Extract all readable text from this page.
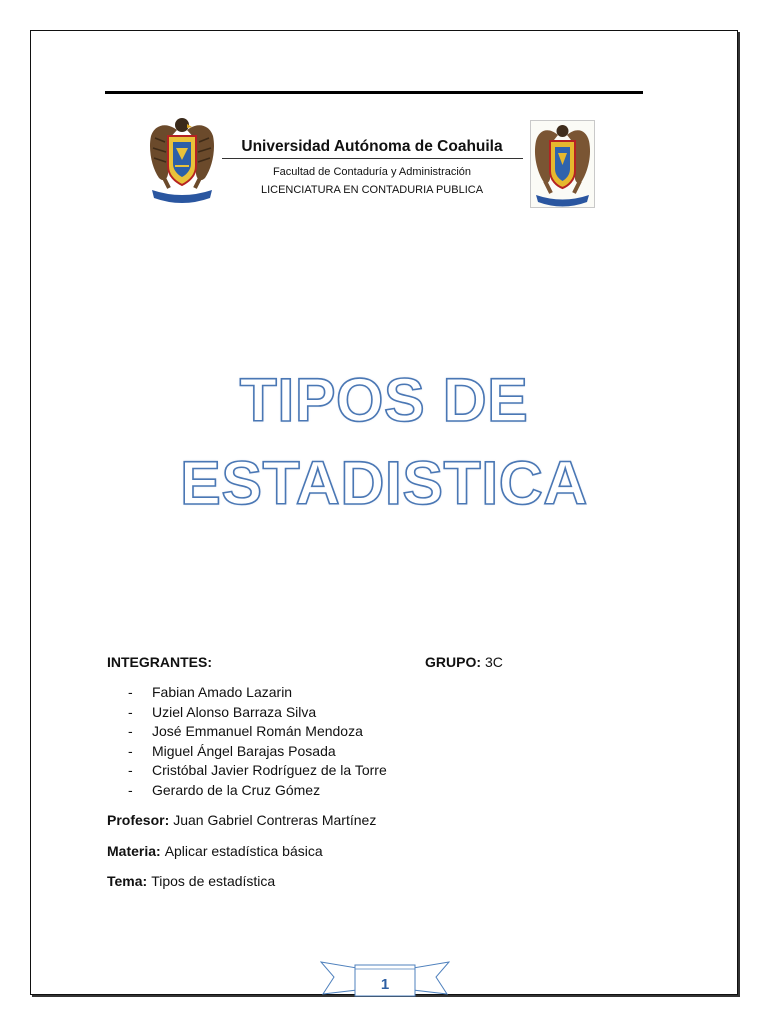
Universidad Autónoma de Coahuila
Facultad de Contaduría y Administración
LICENCIATURA EN CONTADURIA PUBLICA
TIPOS DE
ESTADISTICA
INTEGRANTES:	GRUPO: 3C
- Fabian Amado Lazarin
- Uziel Alonso Barraza Silva
- José Emmanuel Román Mendoza
- Miguel Ángel Barajas Posada
- Cristóbal Javier Rodríguez de la Torre
- Gerardo de la Cruz Gómez
Profesor: Juan Gabriel Contreras Martínez
Materia: Aplicar estadística básica
Tema: Tipos de estadística
1
